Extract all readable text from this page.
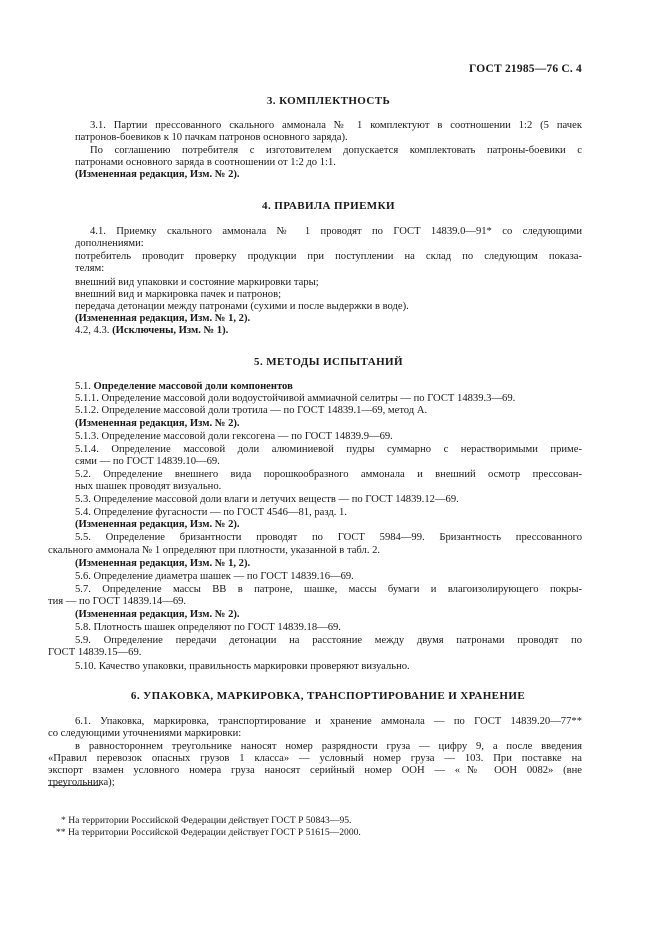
ГОСТ 21985—76 С. 4
3. КОМПЛЕКТНОСТЬ
3.1. Партии прессованного скального аммонала № 1 комплектуют в соотношении 1:2 (5 пачек
патронов-боевиков к 10 пачкам патронов основного заряда).
По соглашению потребителя с изготовителем допускается комплектовать патроны-боевики с
патронами основного заряда в соотношении от 1:2 до 1:1.
(Измененная редакция, Изм. № 2).
4. ПРАВИЛА ПРИЕМКИ
4.1. Приемку скального аммонала № 1 проводят по ГОСТ 14839.0—91* со следующими
дополнениями:
потребитель проводит проверку продукции при поступлении на склад по следующим показа-
телям:
внешний вид упаковки и состояние маркировки тары;
внешний вид и маркировка пачек и патронов;
передача детонации между патронами (сухими и после выдержки в воде).
(Измененная редакция, Изм. № 1, 2).
4.2, 4.3. (Исключены, Изм. № 1).
5. МЕТОДЫ ИСПЫТАНИЙ
5.1. Определение массовой доли компонентов
5.1.1. Определение массовой доли водоустойчивой аммиачной селитры — по ГОСТ 14839.3—69.
5.1.2. Определение массовой доли тротила — по ГОСТ 14839.1—69, метод А.
(Измененная редакция, Изм. № 2).
5.1.3. Определение массовой доли гексогена — по ГОСТ 14839.9—69.
5.1.4. Определение массовой доли алюминиевой пудры суммарно с нерастворимыми приме-
сями — по ГОСТ 14839.10—69.
5.2. Определение внешнего вида порошкообразного аммонала и внешний осмотр прессован-
ных шашек проводят визуально.
5.3. Определение массовой доли влаги и летучих веществ — по ГОСТ 14839.12—69.
5.4. Определение фугасности — по ГОСТ 4546—81, разд. 1.
(Измененная редакция, Изм. № 2).
5.5. Определение бризантности проводят по ГОСТ 5984—99. Бризантность прессованного
скального аммонала № 1 определяют при плотности, указанной в табл. 2.
(Измененная редакция, Изм. № 1, 2).
5.6. Определение диаметра шашек — по ГОСТ 14839.16—69.
5.7. Определение массы ВВ в патроне, шашке, массы бумаги и влагоизолирующего покры-
тия — по ГОСТ 14839.14—69.
(Измененная редакция, Изм. № 2).
5.8. Плотность шашек определяют по ГОСТ 14839.18—69.
5.9. Определение передачи детонации на расстояние между двумя патронами проводят по
ГОСТ 14839.15—69.
5.10. Качество упаковки, правильность маркировки проверяют визуально.
6. УПАКОВКА, МАРКИРОВКА, ТРАНСПОРТИРОВАНИЕ И ХРАНЕНИЕ
6.1. Упаковка, маркировка, транспортирование и хранение аммонала — по ГОСТ 14839.20—77**
со следующими уточнениями маркировки:
в равностороннем треугольнике наносят номер разрядности груза — цифру 9, а после введения
«Правил перевозок опасных грузов 1 класса» — условный номер груза — 103. При поставке на
экспорт взамен условного номера груза наносят серийный номер ООН — «№ ООН 0082» (вне
треугольника);
* На территории Российской Федерации действует ГОСТ Р 50843—95.
** На территории Российской Федерации действует ГОСТ Р 51615—2000.
